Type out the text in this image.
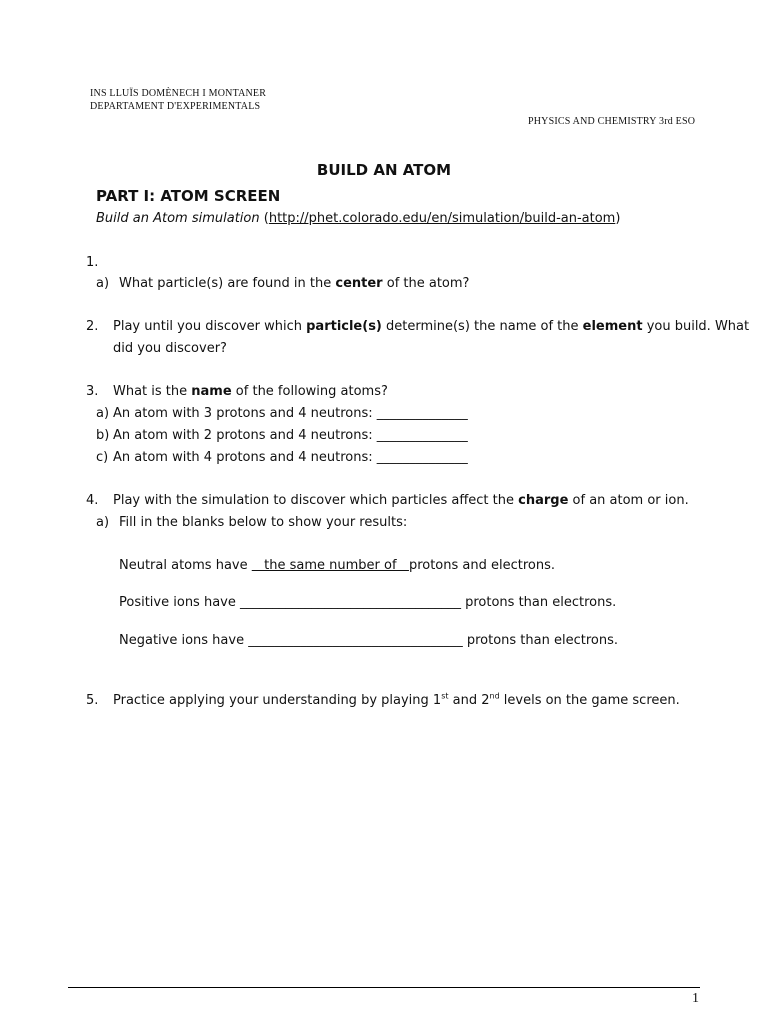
INS LLUÏS DOMÈNECH I MONTANER
DEPARTAMENT D'EXPERIMENTALS
PHYSICS AND CHEMISTRY 3rd ESO
BUILD AN ATOM
PART I: ATOM SCREEN
Build an Atom simulation (http://phet.colorado.edu/en/simulation/build-an-atom)
1.
a) What particle(s) are found in the center of the atom?
2. Play until you discover which particle(s) determine(s) the name of the element you build. What
did you discover?
3. What is the name of the following atoms?
a) An atom with 3 protons and 4 neutrons: ______________
b) An atom with 2 protons and 4 neutrons: ______________
c) An atom with 4 protons and 4 neutrons: ______________
4. Play with the simulation to discover which particles affect the charge of an atom or ion.
a) Fill in the blanks below to show your results:
Neutral atoms have    the same number of   protons and electrons.
Positive ions have __________________________________ protons than electrons.
Negative ions have _________________________________ protons than electrons.
5. Practice applying your understanding by playing 1st and 2nd levels on the game screen.
1
